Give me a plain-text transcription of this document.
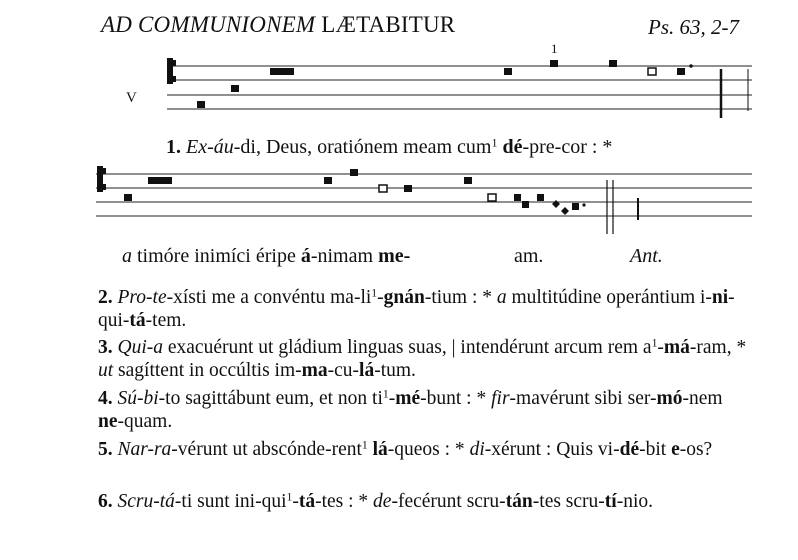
AD COMMUNIONEM LÆTABITUR	Ps. 63, 2-7
1
V
1. Ex-áu-di, Deus, oratiónem meam cum$^1$ dé-pre-cor : *
a timóre inimíci éripe á-nimam me-	am.	Ant.
2. Pro-te-xísti me a convéntu $ma-li^1-gnán$-tium : * a multitúdine operántium i-ni-qui-tá-tem.
3. Qui-a exacuérunt ut gládium linguas suas, | intendérunt arcum rem $a^1-má$-ram, * ut sagíttent in occúltis im-ma-cu-lá-tum.
4. Sú-bi-to sagittábunt eum, et non $ti^1-mé$-bunt : * fir-mavérunt sibi ser-mó-nem ne-quam.
5. Nar-ra-vérunt ut abscónde-rent$^1$ lá-queos : * di-xérunt : Quis vi-dé-bit e-os?
6. Scru-tá-ti sunt ini-qui$^1$-tá-tes : * de-fecérunt scru-tán-tes scru-tí-nio.
